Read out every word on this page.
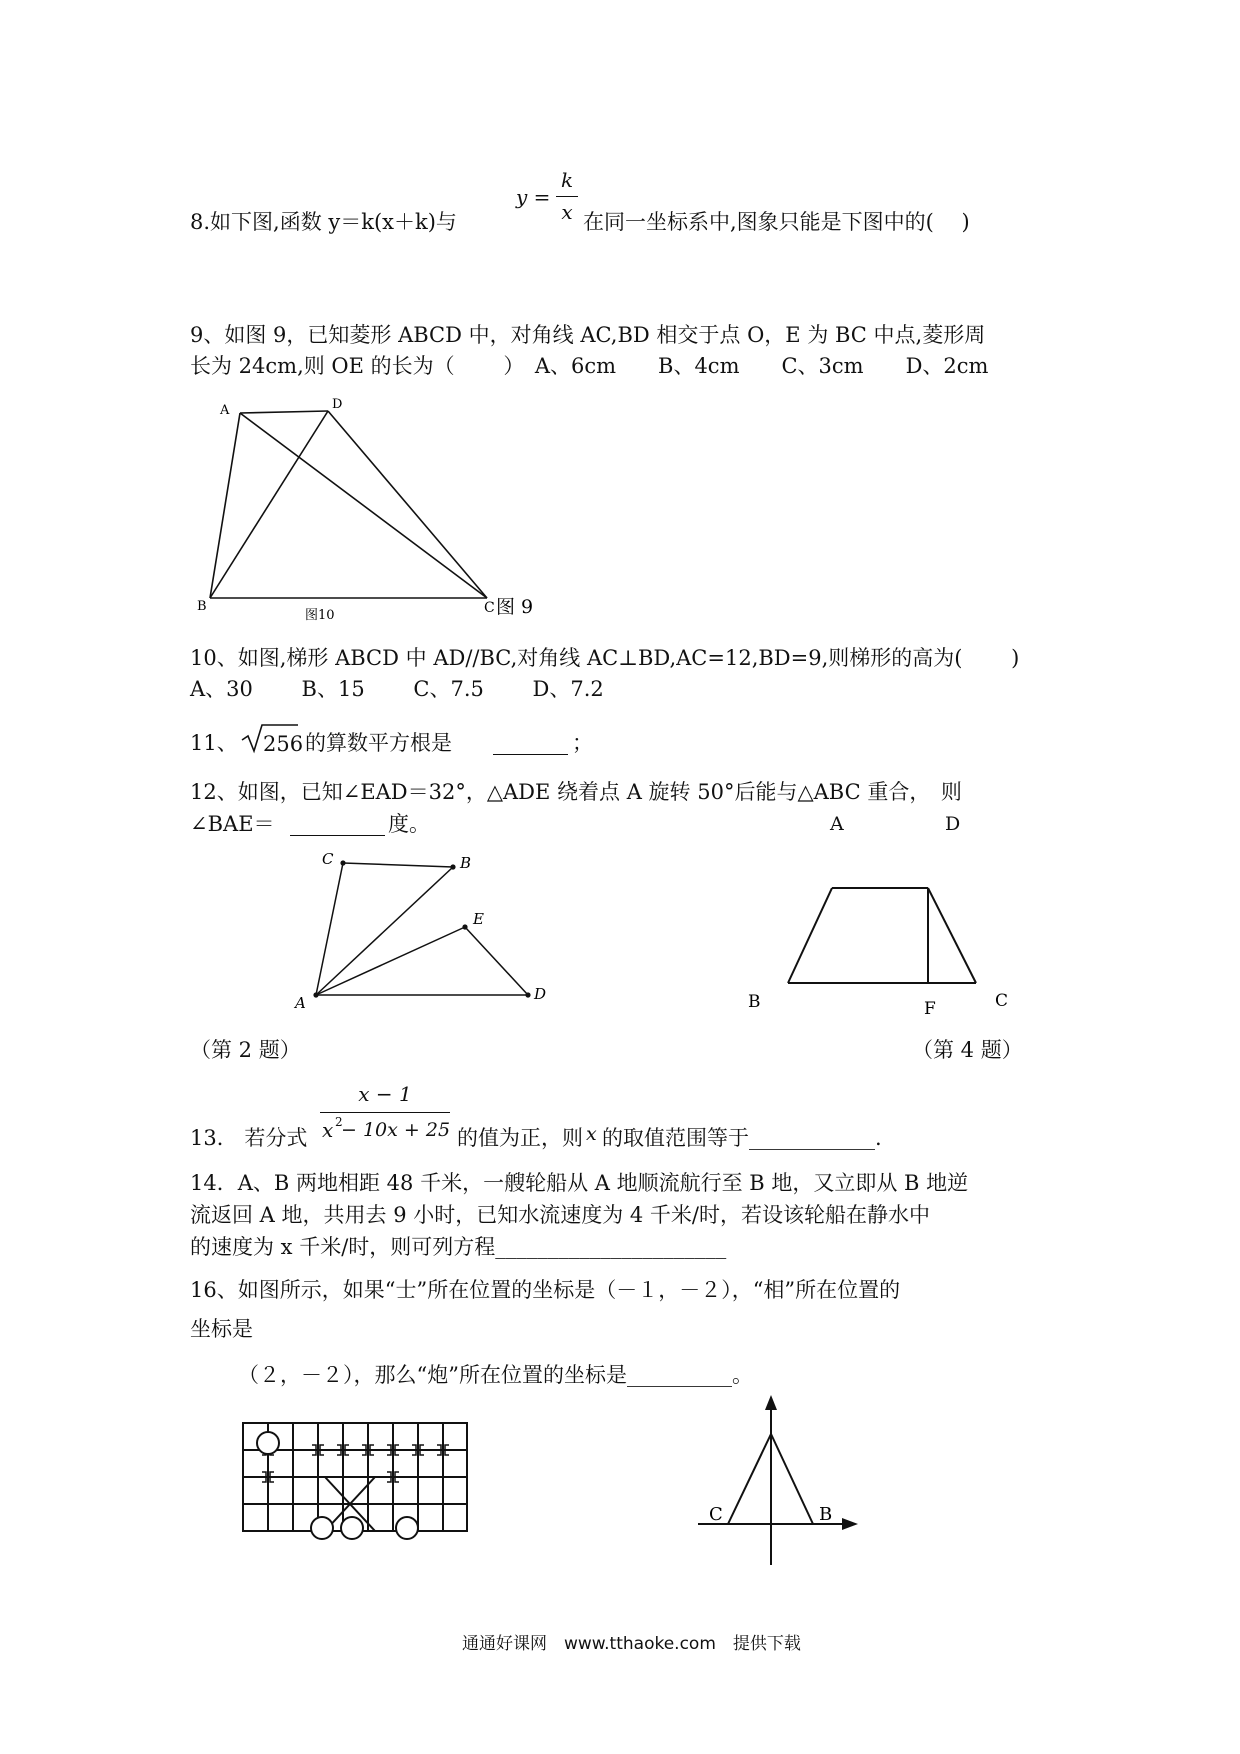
8.如下图,函数 y＝k(x＋k)与
y =
k
x 在同一坐标系中,图象只能是下图中的(　 )
9、如图 9，已知菱形 ABCD 中，对角线 AC,BD 相交于点 O，E 为 BC 中点,菱形周
长为 24cm,则 OE 的长为（ 　　）　A、6cm　　B、4cm　　C、3cm　　D、2cm
A	D
B	C
图10	图 9
10、如图,梯形 ABCD 中 AD//BC,对角线 AC⊥BD,AC=12,BD=9,则梯形的高为(　　 )
A、30　　 B、15　　 C、7.5　　 D、7.2
11、 256 的算数平方根是	；
12、如图，已知∠EAD＝32°，△ADE 绕着点 A 旋转 50°后能与△ABC 重合，　则
∠BAE＝	度。
C	B
E
A	D
（第 2 题）
A	D
B	F	C
（第 4 题）
13． 若分式
x − 1
x 2
− 10x + 25 的值为正，则 x 的取值范围等于____________.
14．A、B 两地相距 48 千米，一艘轮船从 A 地顺流航行至 B 地，又立即从 B 地逆
流返回 A 地，共用去 9 小时，已知水流速度为 4 千米/时，若设该轮船在静水中
的速度为 x 千米/时，则可列方程______________________
16、如图所示，如果“士”所在位置的坐标是（－１，－２），“相”所在位置的
坐标是
（２，－２），那么“炮”所在位置的坐标是__________。
C	B
通通好课网　www.tthaoke.com　提供下载
